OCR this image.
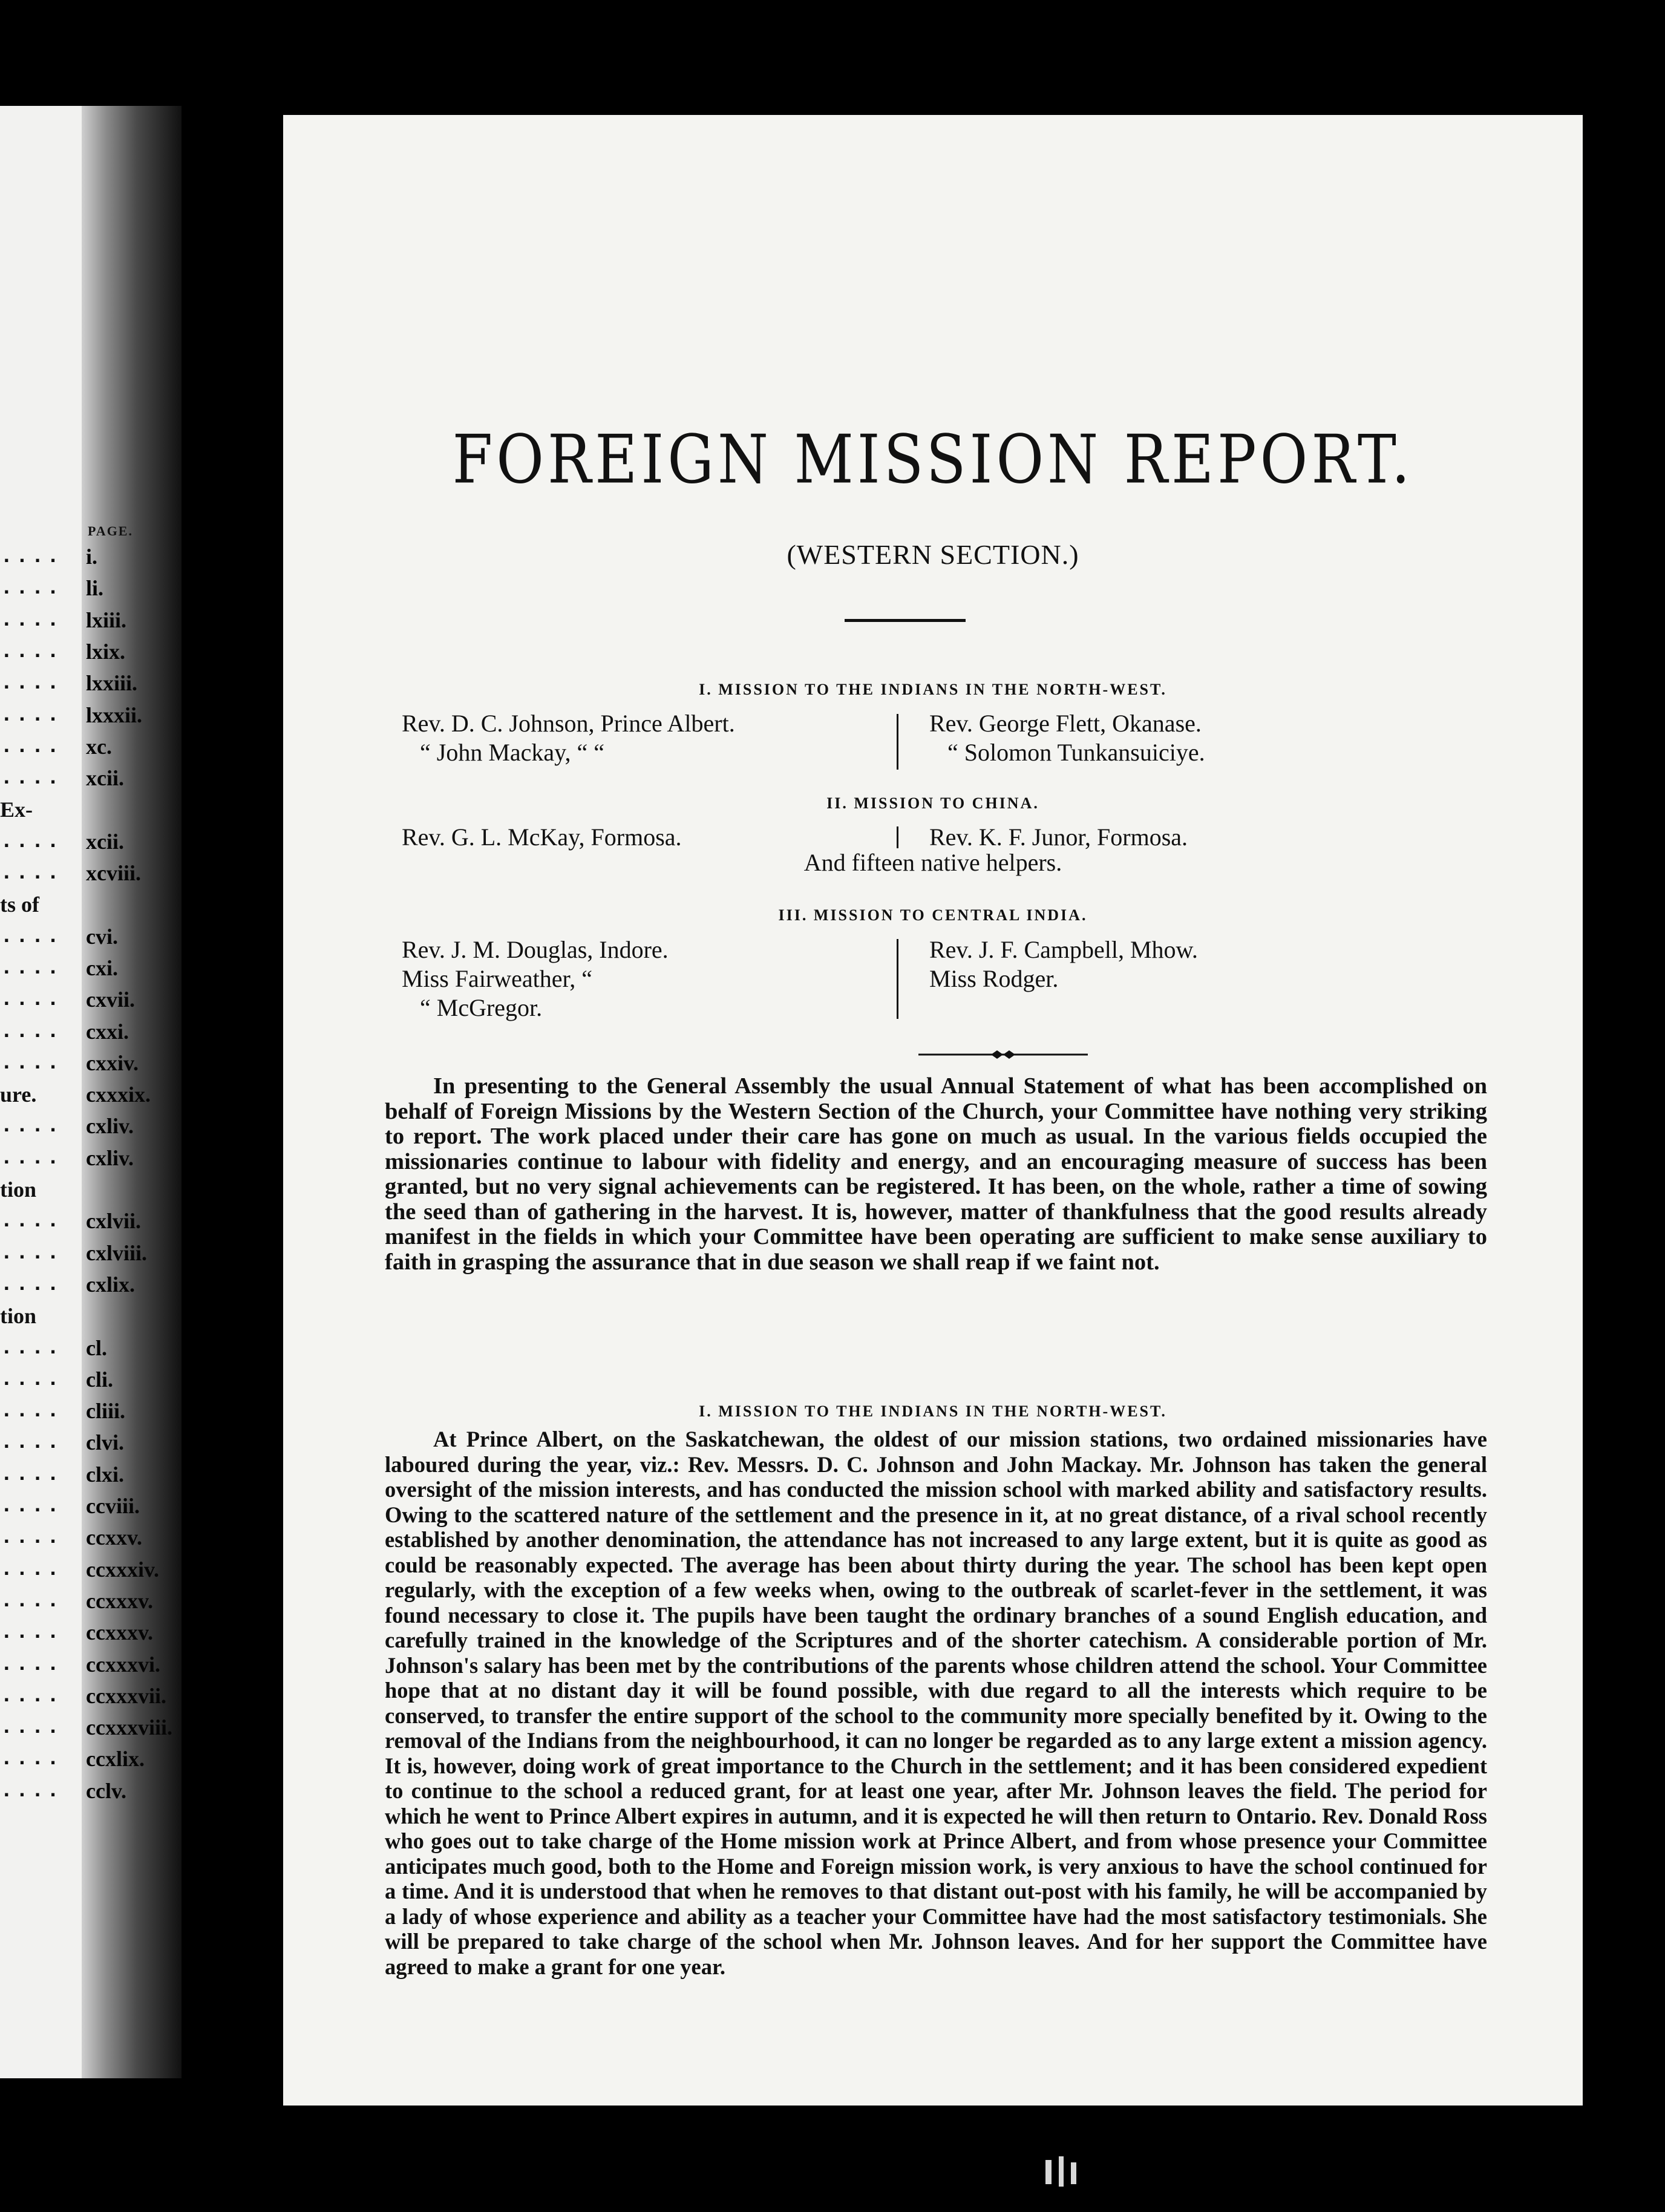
PAGE.
.... i.
.... li.
.... lxiii.
.... lxix.
.... lxxiii.
.... lxxxii.
.... xc.
.... xcii.
Ex-
.... xcii.
.... xcviii.
ts of
.... cvi.
.... cxi.
.... cxvii.
.... cxxi.
.... cxxiv.
ure. cxxxix.
.... cxliv.
.... cxliv.
tion
.... cxlvii.
.... cxlviii.
.... cxlix.
tion
.... cl.
.... cli.
.... cliii.
.... clvi.
.... clxi.
.... ccviii.
.... ccxxv.
.... ccxxxiv.
.... ccxxxv.
.... ccxxxv.
.... ccxxxvi.
.... ccxxxvii.
.... ccxxxviii.
.... ccxlix.
.... cclv.
FOREIGN MISSION REPORT.
(WESTERN SECTION.)
I. MISSION TO THE INDIANS IN THE NORTH-WEST.
Rev. D. C. Johnson, Prince Albert.
“ John Mackay, “ “
Rev. George Flett, Okanase.
“ Solomon Tunkansuiciye.
II. MISSION TO CHINA.
Rev. G. L. McKay, Formosa.	Rev. K. F. Junor, Formosa.
And fifteen native helpers.
III. MISSION TO CENTRAL INDIA.
Rev. J. M. Douglas, Indore.
Miss Fairweather, “
“ McGregor.
Rev. J. F. Campbell, Mhow.
Miss Rodger.
In presenting to the General Assembly the usual Annual Statement of what has been accomplished on behalf of Foreign Missions by the Western Section of the Church, your Committee have nothing very striking to report. The work placed under their care has gone on much as usual. In the various fields occupied the missionaries continue to labour with fidelity and energy, and an encouraging measure of success has been granted, but no very signal achievements can be registered. It has been, on the whole, rather a time of sowing the seed than of gathering in the harvest. It is, however, matter of thankfulness that the good results already manifest in the fields in which your Committee have been operating are sufficient to make sense auxiliary to faith in grasping the assurance that in due season we shall reap if we faint not.
I. MISSION TO THE INDIANS IN THE NORTH-WEST.
At Prince Albert, on the Saskatchewan, the oldest of our mission stations, two ordained missionaries have laboured during the year, viz.: Rev. Messrs. D. C. Johnson and John Mackay. Mr. Johnson has taken the general oversight of the mission interests, and has conducted the mission school with marked ability and satisfactory results. Owing to the scattered nature of the settlement and the presence in it, at no great distance, of a rival school recently established by another denomination, the attendance has not increased to any large extent, but it is quite as good as could be reasonably expected. The average has been about thirty during the year. The school has been kept open regularly, with the exception of a few weeks when, owing to the outbreak of scarlet-fever in the settlement, it was found necessary to close it. The pupils have been taught the ordinary branches of a sound English education, and carefully trained in the knowledge of the Scriptures and of the shorter catechism. A considerable portion of Mr. Johnson's salary has been met by the contributions of the parents whose children attend the school. Your Committee hope that at no distant day it will be found possible, with due regard to all the interests which require to be conserved, to transfer the entire support of the school to the community more specially benefited by it. Owing to the removal of the Indians from the neighbourhood, it can no longer be regarded as to any large extent a mission agency. It is, however, doing work of great importance to the Church in the settlement; and it has been considered expedient to continue to the school a reduced grant, for at least one year, after Mr. Johnson leaves the field. The period for which he went to Prince Albert expires in autumn, and it is expected he will then return to Ontario. Rev. Donald Ross who goes out to take charge of the Home mission work at Prince Albert, and from whose presence your Committee anticipates much good, both to the Home and Foreign mission work, is very anxious to have the school continued for a time. And it is understood that when he removes to that distant out-post with his family, he will be accompanied by a lady of whose experience and ability as a teacher your Committee have had the most satisfactory testimonials. She will be prepared to take charge of the school when Mr. Johnson leaves. And for her support the Committee have agreed to make a grant for one year.
